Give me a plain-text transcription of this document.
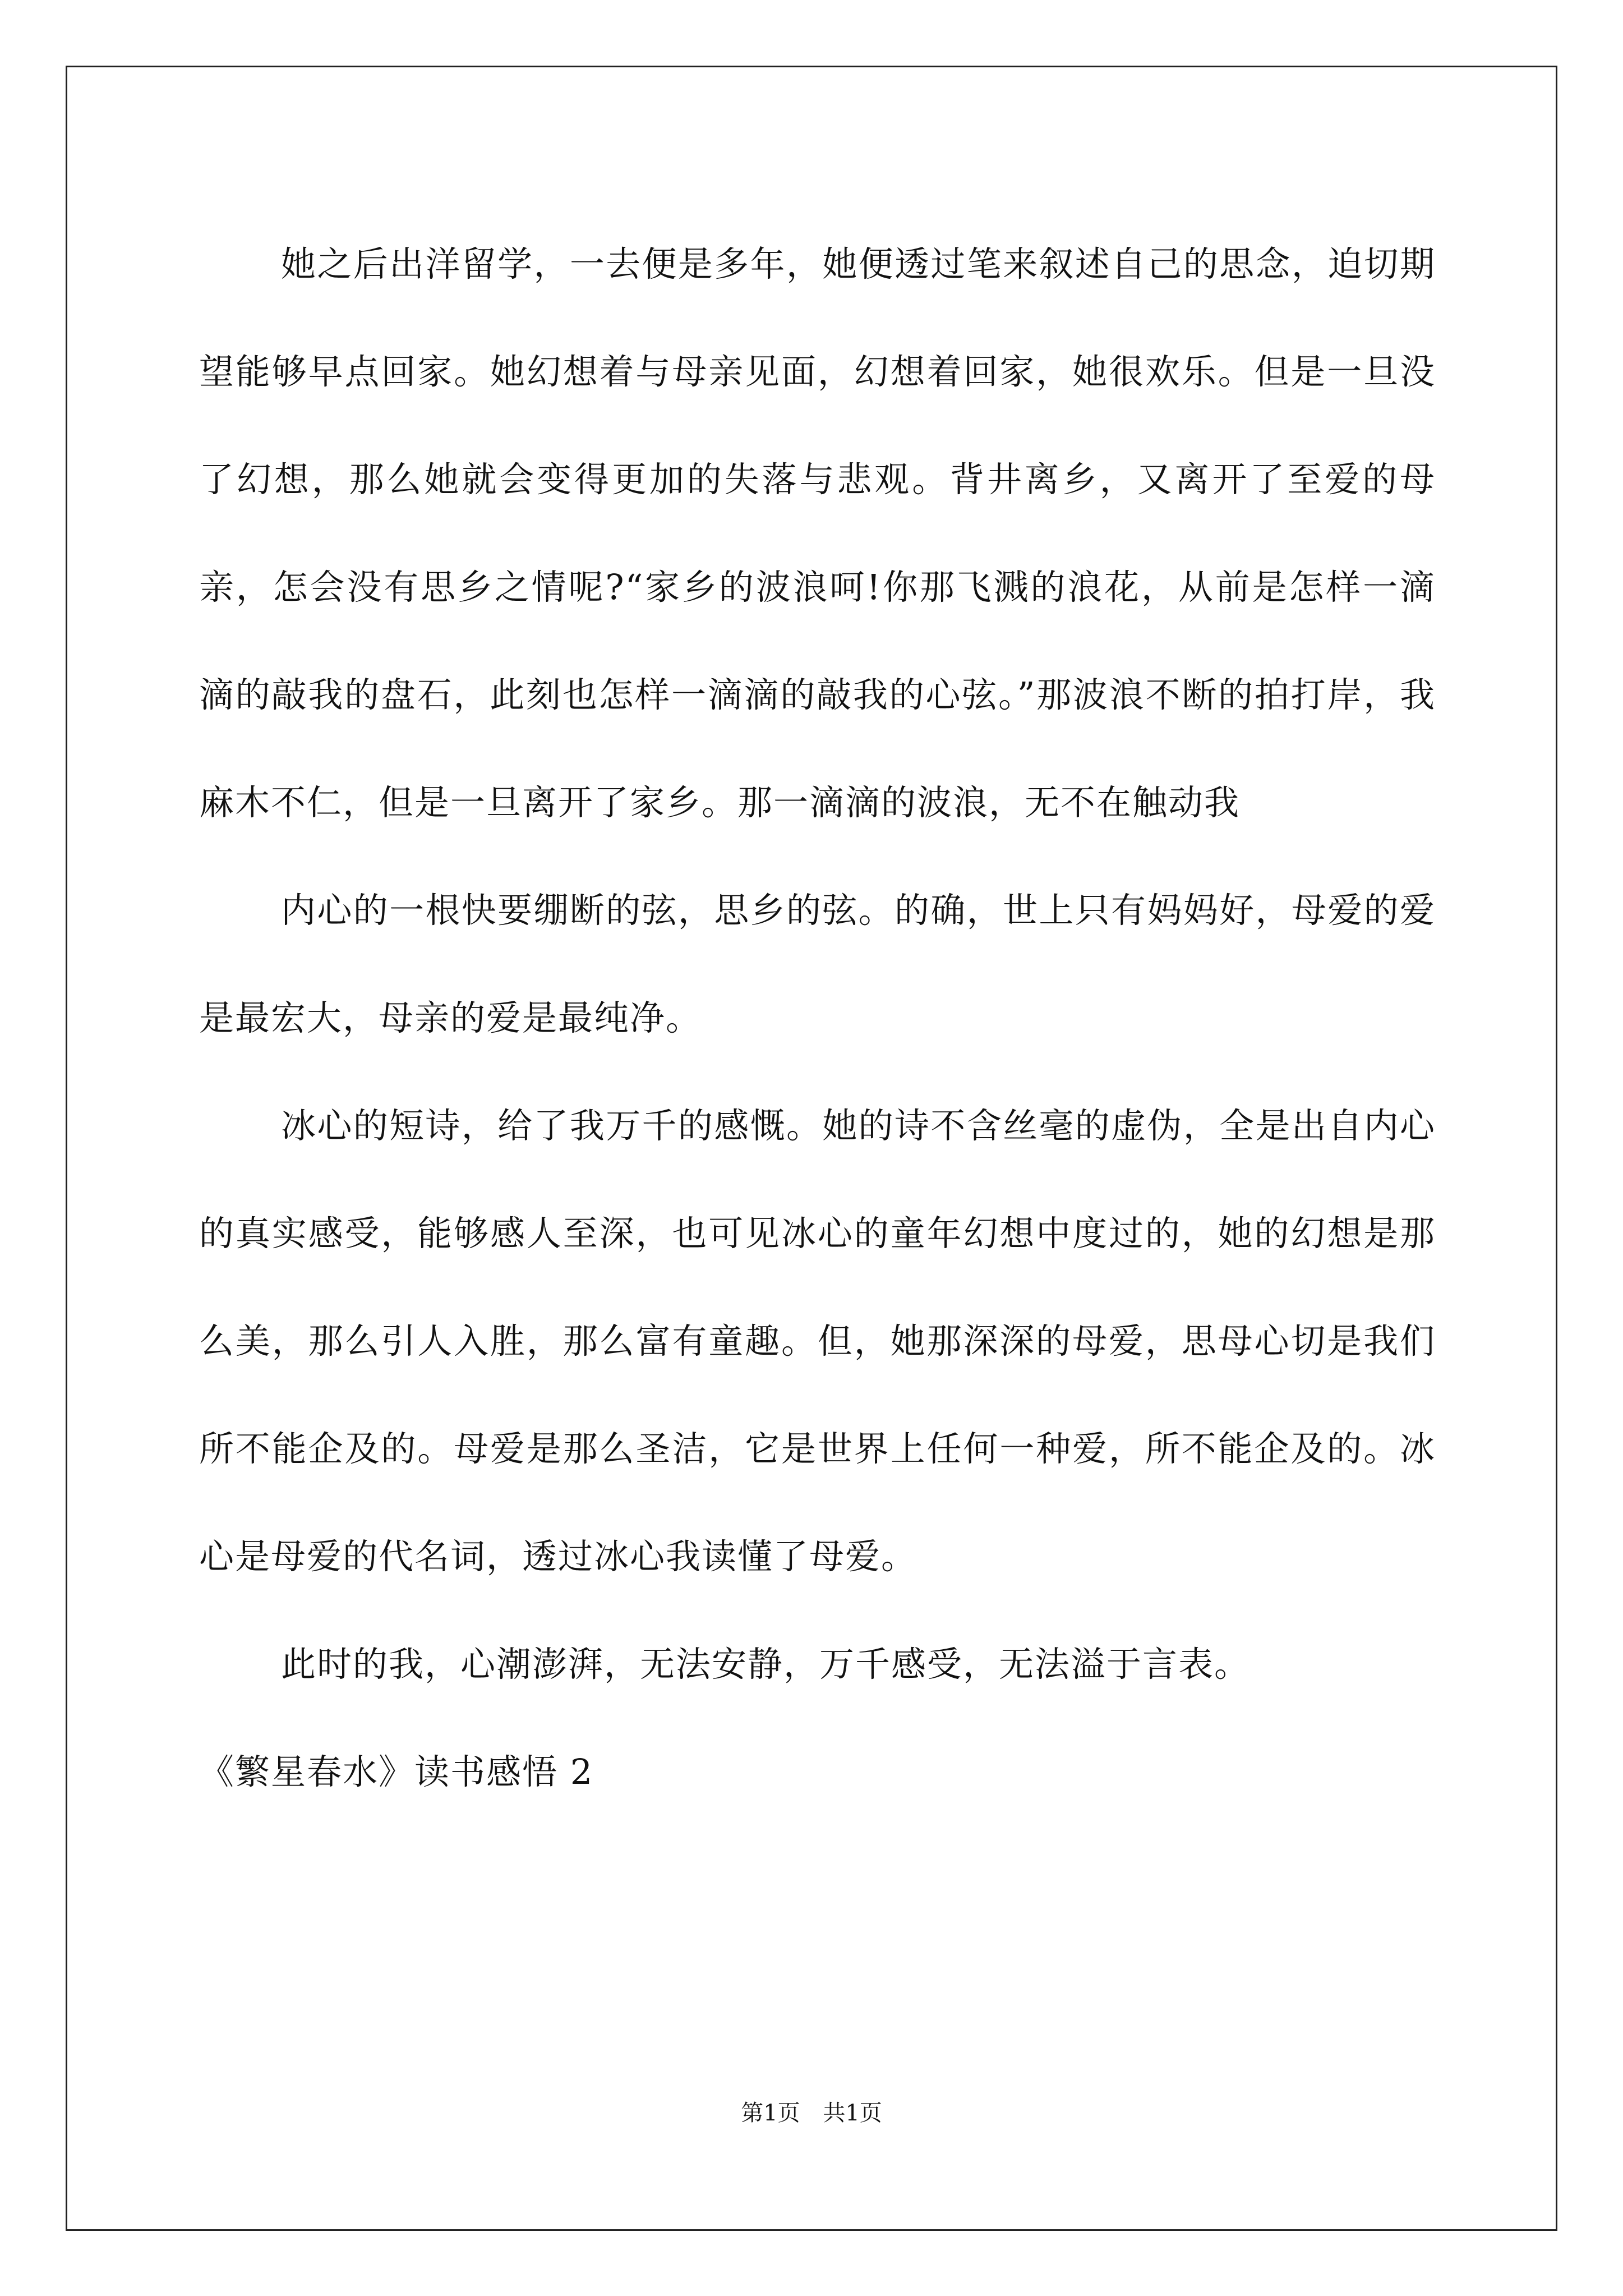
她之后出洋留学，一去便是多年，她便透过笔来叙述自己的思念，迫切期望能够早点回家。她幻想着与母亲见面，幻想着回家，她很欢乐。但是一旦没了幻想，那么她就会变得更加的失落与悲观。背井离乡，又离开了至爱的母亲，怎会没有思乡之情呢?“家乡的波浪呵!你那飞溅的浪花，从前是怎样一滴滴的敲我的盘石，此刻也怎样一滴滴的敲我的心弦。”那波浪不断的拍打岸，我麻木不仁，但是一旦离开了家乡。那一滴滴的波浪，无不在触动我

内心的一根快要绷断的弦，思乡的弦。的确，世上只有妈妈好，母爱的爱是最宏大，母亲的爱是最纯净。

冰心的短诗，给了我万千的感慨。她的诗不含丝毫的虚伪，全是出自内心的真实感受，能够感人至深，也可见冰心的童年幻想中度过的，她的幻想是那么美，那么引人入胜，那么富有童趣。但，她那深深的母爱，思母心切是我们所不能企及的。母爱是那么圣洁，它是世界上任何一种爱，所不能企及的。冰心是母爱的代名词，透过冰心我读懂了母爱。

此时的我，心潮澎湃，无法安静，万千感受，无法溢于言表。

《繁星春水》读书感悟 2

第1页 共1页
